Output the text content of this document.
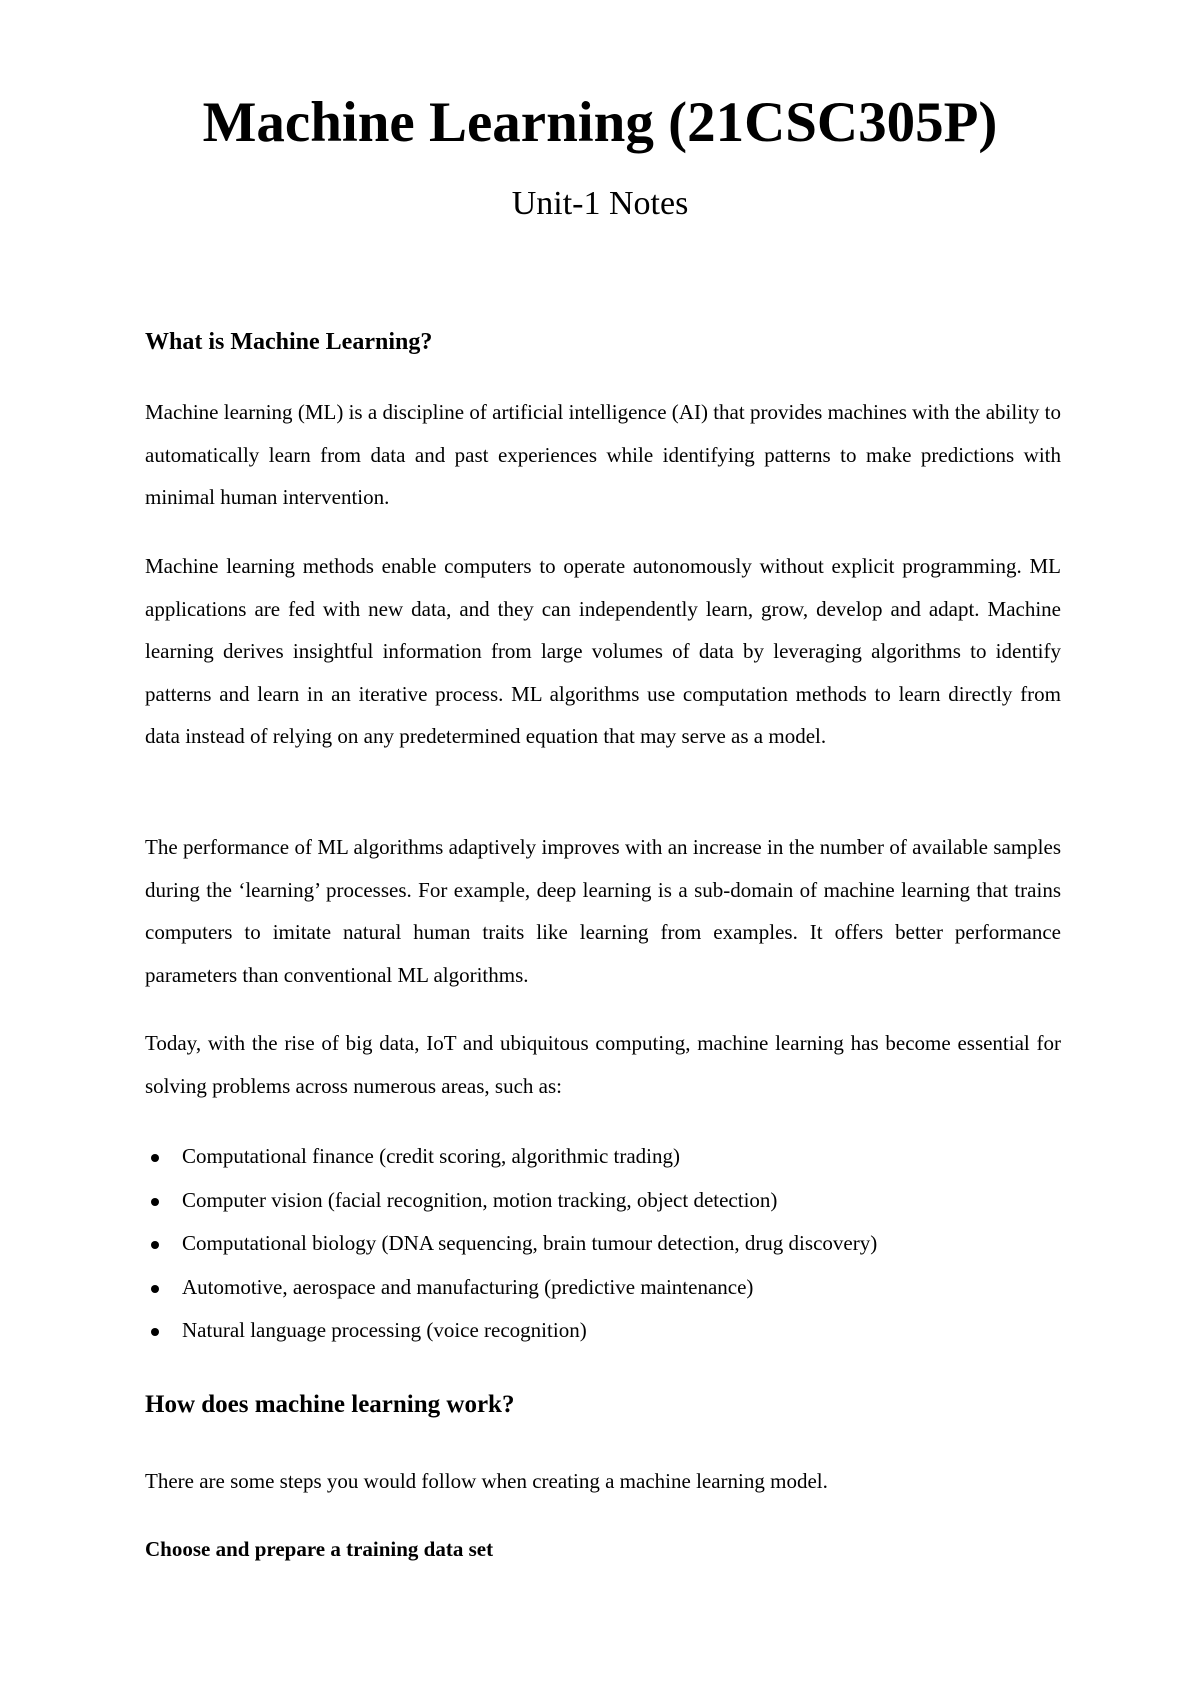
Machine Learning (21CSC305P)
Unit-1 Notes
What is Machine Learning?

Machine learning (ML) is a discipline of artificial intelligence (AI) that provides machines with the ability to automatically learn from data and past experiences while identifying patterns to make predictions with minimal human intervention.

Machine learning methods enable computers to operate autonomously without explicit programming. ML applications are fed with new data, and they can independently learn, grow, develop and adapt. Machine learning derives insightful information from large volumes of data by leveraging algorithms to identify patterns and learn in an iterative process. ML algorithms use computation methods to learn directly from data instead of relying on any predetermined equation that may serve as a model.

The performance of ML algorithms adaptively improves with an increase in the number of available samples during the ‘learning’ processes. For example, deep learning is a sub-domain of machine learning that trains computers to imitate natural human traits like learning from examples. It offers better performance parameters than conventional ML algorithms.

Today, with the rise of big data, IoT and ubiquitous computing, machine learning has become essential for solving problems across numerous areas, such as:

Computational finance (credit scoring, algorithmic trading)
Computer vision (facial recognition, motion tracking, object detection)
Computational biology (DNA sequencing, brain tumour detection, drug discovery)
Automotive, aerospace and manufacturing (predictive maintenance)
Natural language processing (voice recognition)
How does machine learning work?

There are some steps you would follow when creating a machine learning model.

Choose and prepare a training data set
